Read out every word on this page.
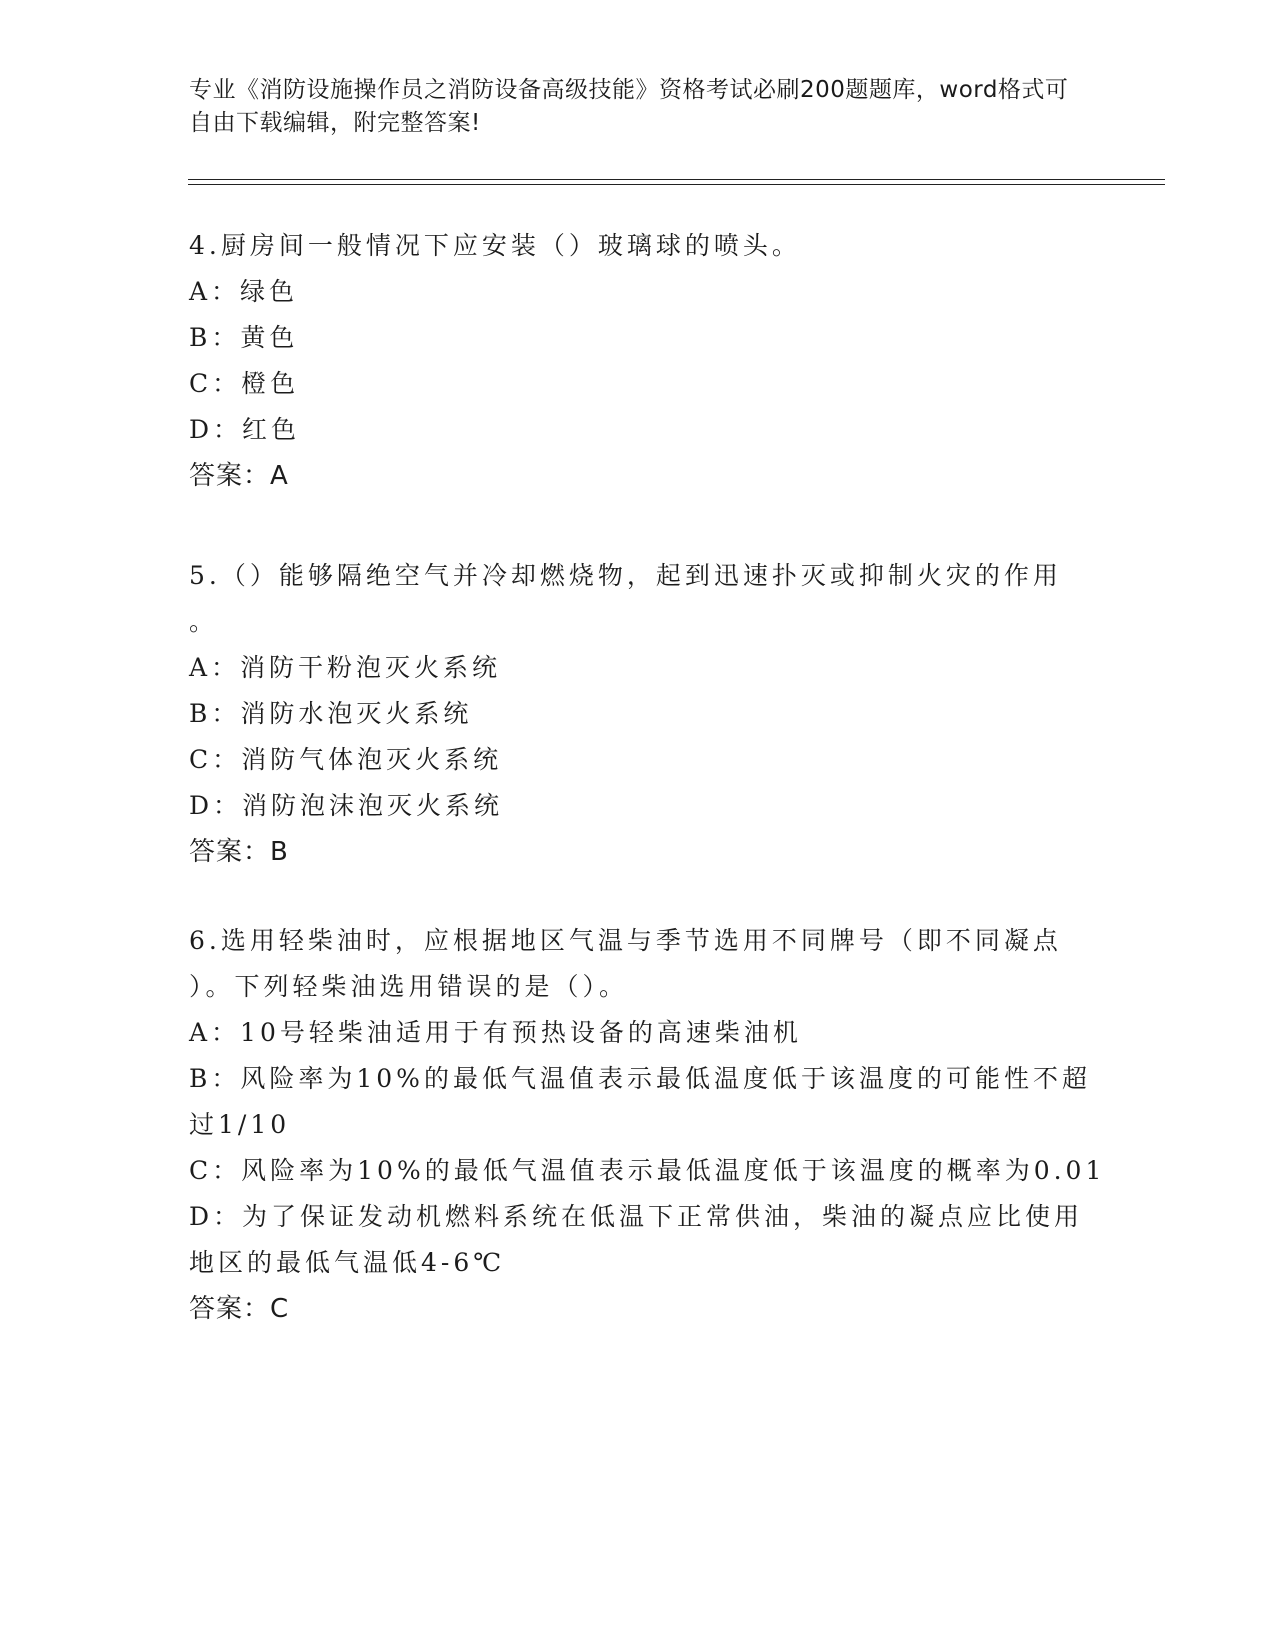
专业《消防设施操作员之消防设备高级技能》资格考试必刷200题题库，word格式可自由下载编辑，附完整答案!
4.厨房间一般情况下应安装（）玻璃球的喷头。
A：绿色
B：黄色
C：橙色
D：红色
答案：A
5.（）能够隔绝空气并冷却燃烧物，起到迅速扑灭或抑制火灾的作用
。
A：消防干粉泡灭火系统
B：消防水泡灭火系统
C：消防气体泡灭火系统
D：消防泡沫泡灭火系统
答案：B
6.选用轻柴油时，应根据地区气温与季节选用不同牌号（即不同凝点
）。下列轻柴油选用错误的是（）。
A：10号轻柴油适用于有预热设备的高速柴油机
B：风险率为10%的最低气温值表示最低温度低于该温度的可能性不超
过1/10
C：风险率为10%的最低气温值表示最低温度低于该温度的概率为0.01
D：为了保证发动机燃料系统在低温下正常供油，柴油的凝点应比使用
地区的最低气温低4-6℃
答案：C
